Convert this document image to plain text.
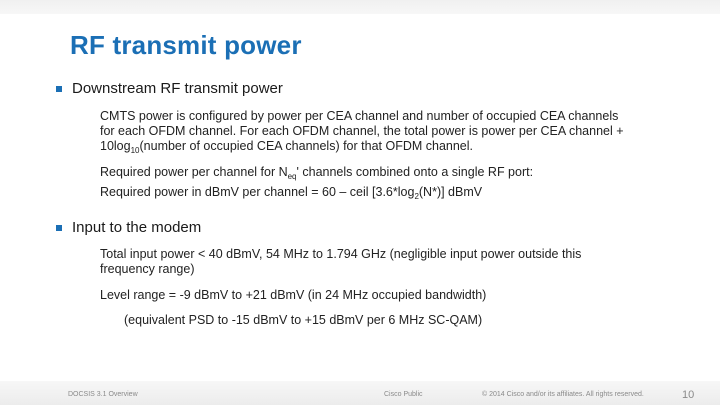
RF transmit power
Downstream RF transmit power
CMTS power is configured by power per CEA channel and number of occupied CEA channels
for each OFDM channel. For each OFDM channel, the total power is power per CEA channel +
$10\log_{10}(number$ of occupied CEA channels) for that OFDM channel.
Required power per channel for $N_{eq}'$ channels combined onto a single RF port:
Required power in dBmV per channel = 60 – ceil $[3.6*\log_2(N*)]$ dBmV
Input to the modem
Total input power < 40 dBmV, 54 MHz to 1.794 GHz (negligible input power outside this
frequency range)
Level range = -9 dBmV to +21 dBmV (in 24 MHz occupied bandwidth)
(equivalent PSD to -15 dBmV to +15 dBmV per 6 MHz SC-QAM)
DOCSIS 3.1 Overview	Cisco Public	© 2014 Cisco and/or its affiliates. All rights reserved.	10
